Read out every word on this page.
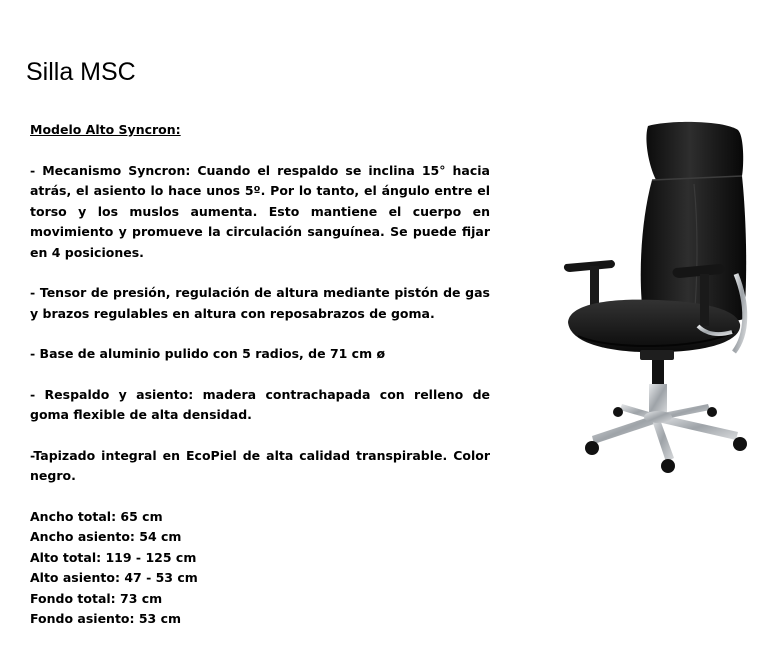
Silla MSC
Modelo Alto Syncron:
- Mecanismo Syncron: Cuando el respaldo se inclina 15° hacia atrás, el asiento lo hace unos 5º. Por lo tanto, el ángulo entre el torso y los muslos aumenta. Esto mantiene el cuerpo en movimiento y promueve la circulación sanguínea. Se puede fijar en 4 posiciones.
- Tensor de presión, regulación de altura mediante pistón de gas y brazos regulables en altura con reposabrazos de goma.
- Base de aluminio pulido con 5 radios, de 71 cm ø
- Respaldo y asiento: madera contrachapada con relleno de goma flexible de alta densidad.
-Tapizado integral en EcoPiel de alta calidad transpirable. Color negro.
Ancho total: 65 cm
Ancho asiento: 54 cm
Alto total: 119 - 125 cm
Alto asiento: 47 - 53 cm
Fondo total: 73 cm
Fondo asiento: 53 cm
